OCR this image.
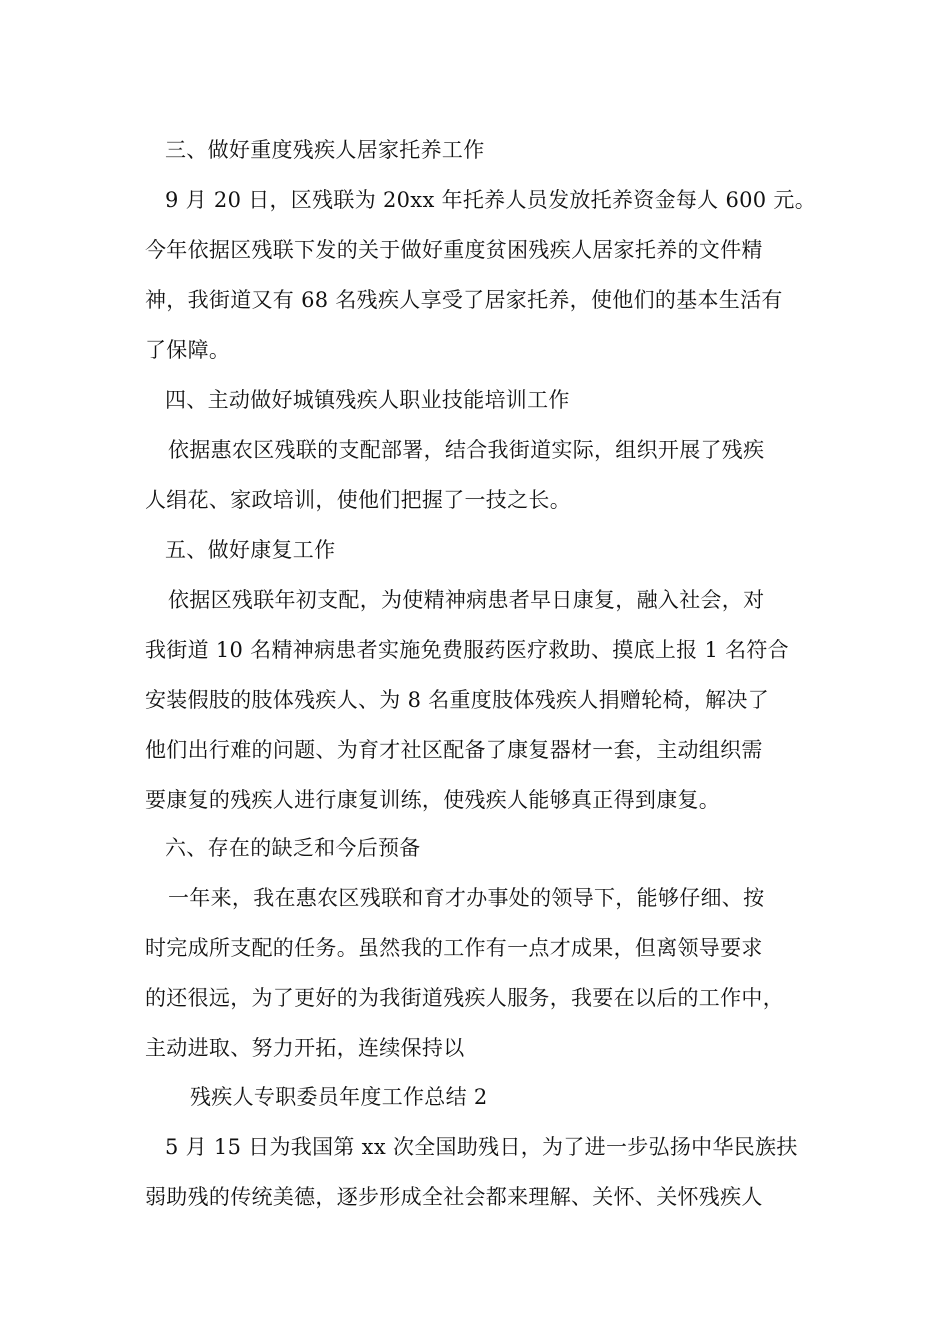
三、做好重度残疾人居家托养工作
9 月 20 日，区残联为 20xx 年托养人员发放托养资金每人 600 元。
今年依据区残联下发的关于做好重度贫困残疾人居家托养的文件精
神，我街道又有 68 名残疾人享受了居家托养，使他们的基本生活有
了保障。
四、主动做好城镇残疾人职业技能培训工作
依据惠农区残联的支配部署，结合我街道实际，组织开展了残疾
人绢花、家政培训，使他们把握了一技之长。
五、做好康复工作
依据区残联年初支配，为使精神病患者早日康复，融入社会，对
我街道 10 名精神病患者实施免费服药医疗救助、摸底上报 1 名符合
安装假肢的肢体残疾人、为 8 名重度肢体残疾人捐赠轮椅，解决了
他们出行难的问题、为育才社区配备了康复器材一套，主动组织需
要康复的残疾人进行康复训练，使残疾人能够真正得到康复。
六、存在的缺乏和今后预备
一年来，我在惠农区残联和育才办事处的领导下，能够仔细、按
时完成所支配的任务。虽然我的工作有一点才成果，但离领导要求
的还很远，为了更好的为我街道残疾人服务，我要在以后的工作中，
主动进取、努力开拓，连续保持以
残疾人专职委员年度工作总结 2
5 月 15 日为我国第 xx 次全国助残日，为了进一步弘扬中华民族扶
弱助残的传统美德，逐步形成全社会都来理解、关怀、关怀残疾人
